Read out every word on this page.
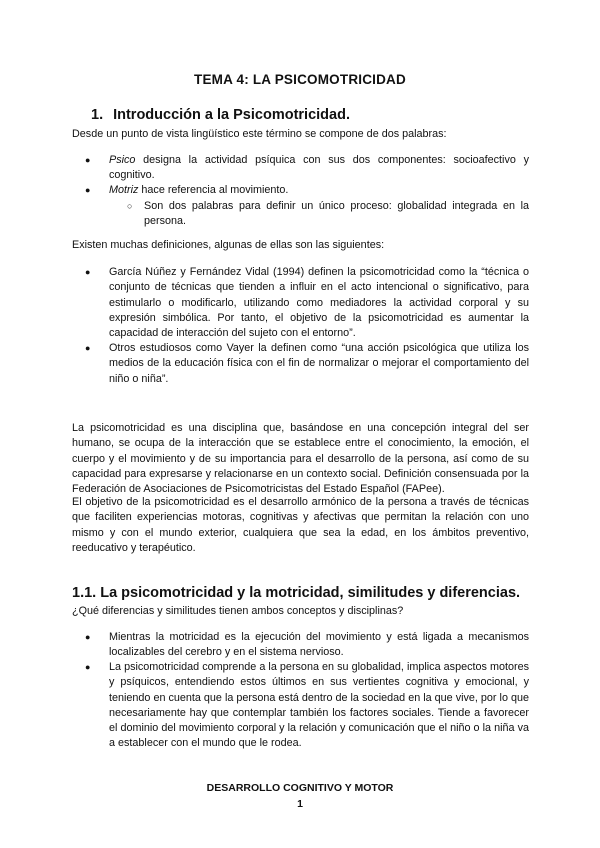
TEMA 4: LA PSICOMOTRICIDAD
1. Introducción a la Psicomotricidad.
Desde un punto de vista lingüístico este término se compone de dos palabras:
●	Psico designa la actividad psíquica con sus dos componentes: socioafectivo y cognitivo.
●	Motriz hace referencia al movimiento.
○	Son dos palabras para definir un único proceso: globalidad integrada en la persona.
Existen muchas definiciones, algunas de ellas son las siguientes:
●	García Núñez y Fernández Vidal (1994) definen la psicomotricidad como la “técnica o conjunto de técnicas que tienden a influir en el acto intencional o significativo, para estimularlo o modificarlo, utilizando como mediadores la actividad corporal y su expresión simbólica. Por tanto, el objetivo de la psicomotricidad es aumentar la capacidad de interacción del sujeto con el entorno”.
●	Otros estudiosos como Vayer la definen como “una acción psicológica que utiliza los medios de la educación física con el fin de normalizar o mejorar el comportamiento del niño o niña”.
La psicomotricidad es una disciplina que, basándose en una concepción integral del ser humano, se ocupa de la interacción que se establece entre el conocimiento, la emoción, el cuerpo y el movimiento y de su importancia para el desarrollo de la persona, así como de su capacidad para expresarse y relacionarse en un contexto social. Definición consensuada por la Federación de Asociaciones de Psicomotricistas del Estado Español (FAPee).
El objetivo de la psicomotricidad es el desarrollo armónico de la persona a través de técnicas que faciliten experiencias motoras, cognitivas y afectivas que permitan la relación con uno mismo y con el mundo exterior, cualquiera que sea la edad, en los ámbitos preventivo, reeducativo y terapéutico.
1.1. La psicomotricidad y la motricidad, similitudes y diferencias.
¿Qué diferencias y similitudes tienen ambos conceptos y disciplinas?
●	Mientras la motricidad es la ejecución del movimiento y está ligada a mecanismos localizables del cerebro y en el sistema nervioso.
●	La psicomotricidad comprende a la persona en su globalidad, implica aspectos motores y psíquicos, entendiendo estos últimos en sus vertientes cognitiva y emocional, y teniendo en cuenta que la persona está dentro de la sociedad en la que vive, por lo que necesariamente hay que contemplar también los factores sociales. Tiende a favorecer el dominio del movimiento corporal y la relación y comunicación que el niño o la niña va a establecer con el mundo que le rodea.
DESARROLLO COGNITIVO Y MOTOR
1
